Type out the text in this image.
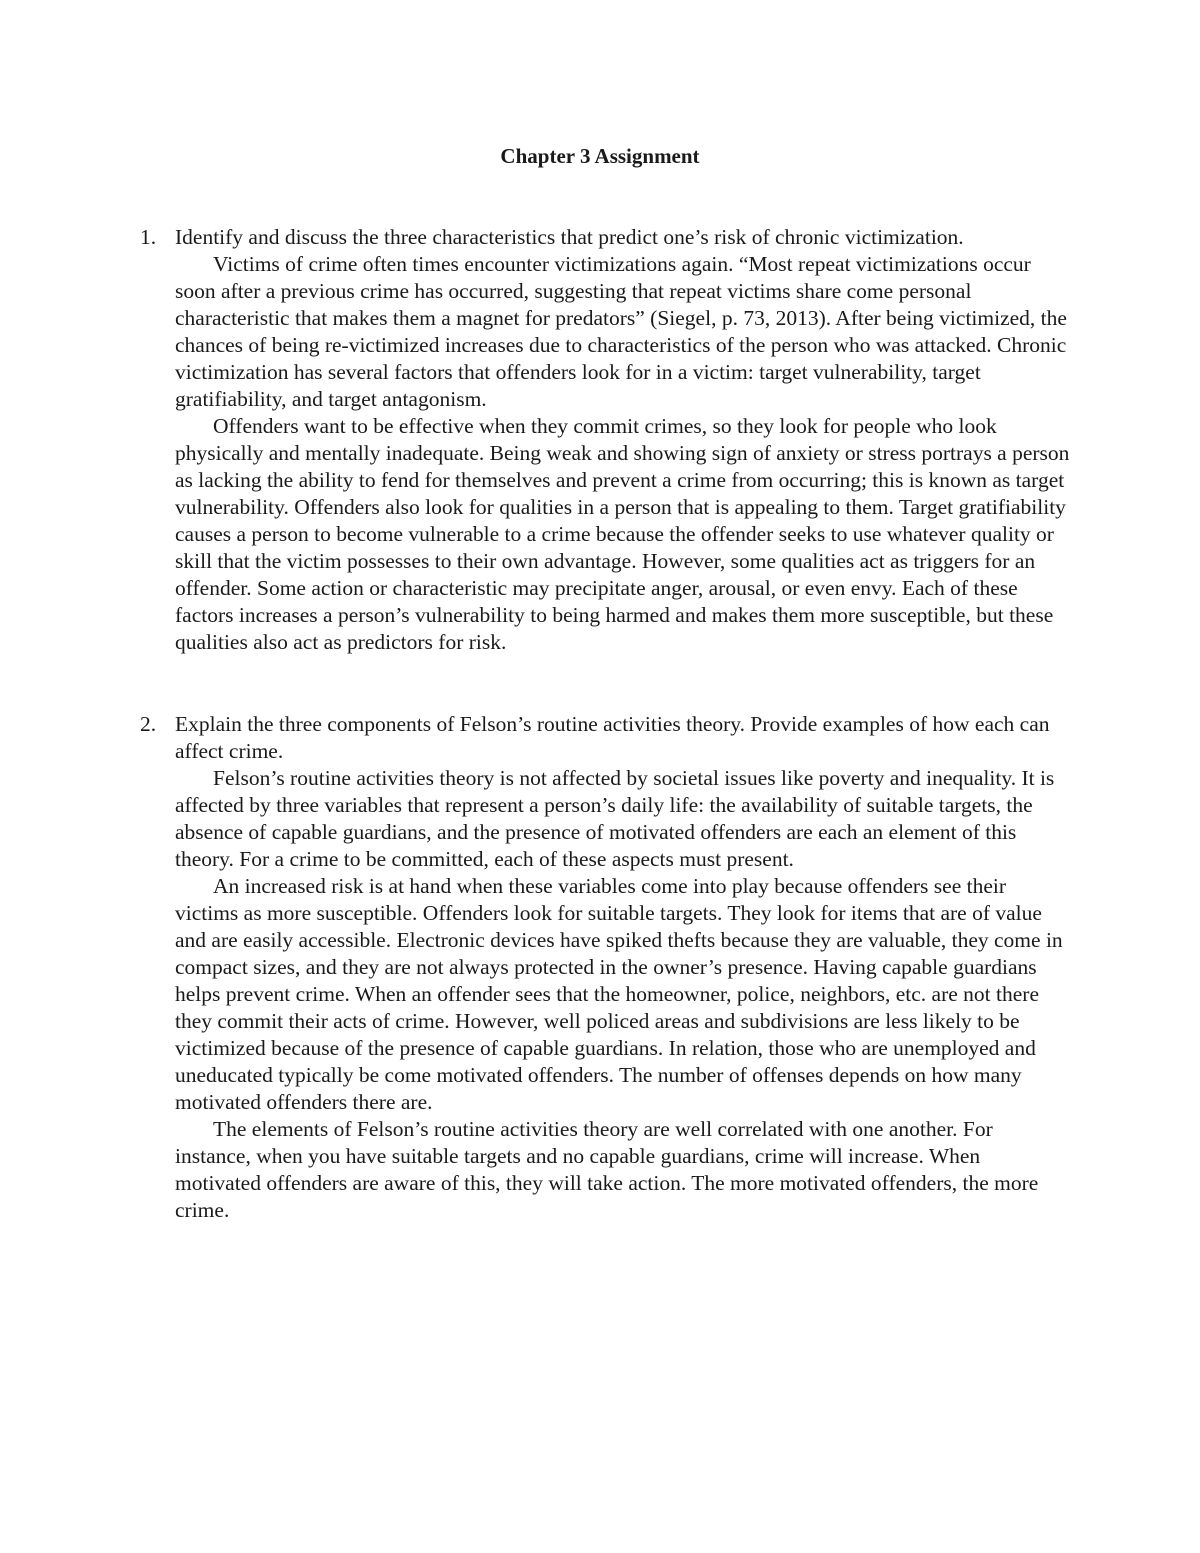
Chapter 3 Assignment
1. Identify and discuss the three characteristics that predict one’s risk of chronic victimization.

Victims of crime often times encounter victimizations again. “Most repeat victimizations occur soon after a previous crime has occurred, suggesting that repeat victims share come personal characteristic that makes them a magnet for predators” (Siegel, p. 73, 2013). After being victimized, the chances of being re-victimized increases due to characteristics of the person who was attacked. Chronic victimization has several factors that offenders look for in a victim: target vulnerability, target gratifiability, and target antagonism.

Offenders want to be effective when they commit crimes, so they look for people who look physically and mentally inadequate. Being weak and showing sign of anxiety or stress portrays a person as lacking the ability to fend for themselves and prevent a crime from occurring; this is known as target vulnerability. Offenders also look for qualities in a person that is appealing to them. Target gratifiability causes a person to become vulnerable to a crime because the offender seeks to use whatever quality or skill that the victim possesses to their own advantage. However, some qualities act as triggers for an offender. Some action or characteristic may precipitate anger, arousal, or even envy. Each of these factors increases a person’s vulnerability to being harmed and makes them more susceptible, but these qualities also act as predictors for risk.

2. Explain the three components of Felson’s routine activities theory. Provide examples of how each can affect crime.

Felson’s routine activities theory is not affected by societal issues like poverty and inequality. It is affected by three variables that represent a person’s daily life: the availability of suitable targets, the absence of capable guardians, and the presence of motivated offenders are each an element of this theory. For a crime to be committed, each of these aspects must present.

An increased risk is at hand when these variables come into play because offenders see their victims as more susceptible. Offenders look for suitable targets. They look for items that are of value and are easily accessible. Electronic devices have spiked thefts because they are valuable, they come in compact sizes, and they are not always protected in the owner’s presence. Having capable guardians helps prevent crime. When an offender sees that the homeowner, police, neighbors, etc. are not there they commit their acts of crime. However, well policed areas and subdivisions are less likely to be victimized because of the presence of capable guardians. In relation, those who are unemployed and uneducated typically be come motivated offenders. The number of offenses depends on how many motivated offenders there are.

The elements of Felson’s routine activities theory are well correlated with one another. For instance, when you have suitable targets and no capable guardians, crime will increase. When motivated offenders are aware of this, they will take action. The more motivated offenders, the more crime.
